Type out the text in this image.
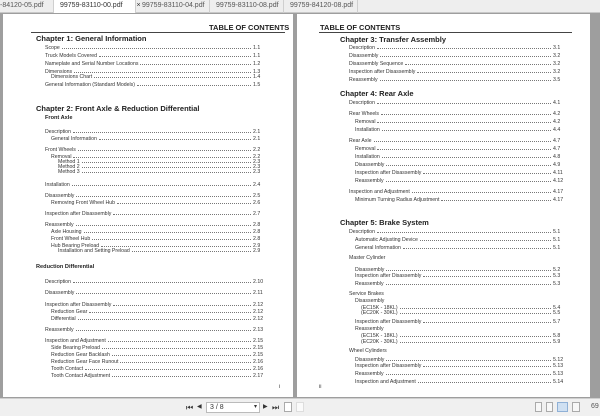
-84120-05.pdf	99759-83110-00.pdf × 99759-83110-04.pdf	99759-83110-08.pdf	99759-84120-08.pdf
TABLE OF CONTENTS
Chapter 1: General Information
Scope	1.1
Truck Models Covered	1.1
Nameplate and Serial Number Locations	1.2
Dimensions	1.3
Dimensions Chart	1.4
General Information (Standard Models)	1.5
Chapter 2: Front Axle & Reduction Differential
Front Axle
Description	2.1
General Information	2.1
Front Wheels	2.2
Removal	2.2
Method 1	2.3
Method 2	2.3
Method 3	2.3
Installation	2.4
Disassembly	2.5
Removing Front Wheel Hub	2.6
Inspection after Disassembly	2.7
Reassembly	2.8
Axle Housing	2.8
Front Wheel Hub	2.8
Hub Bearing Preload	2.9
Installation and Setting Preload	2.9
Reduction Differential
Description	2.10
Disassembly	2.11
Inspection after Disassembly	2.12
Reduction Gear	2.12
Differential	2.12
Reassembly	2.13
Inspection and Adjustment	2.15
Side Bearing Preload	2.15
Reduction Gear Backlash	2.15
Reduction Gear Face Runout	2.16
Tooth Contact	2.16
Tooth Contact Adjustment	2.17
i
TABLE OF CONTENTS
Chapter 3: Transfer Assembly
Description	3.1
Disassembly	3.2
Disassembly Sequence	3.2
Inspection after Disassembly	3.2
Reassembly	3.5
Chapter 4: Rear Axle
Description	4.1
Rear Wheels	4.2
Removal	4.2
Installation	4.4
Rear Axle	4.7
Removal	4.7
Installation	4.8
Disassembly	4.9
Inspection after Disassembly	4.11
Reassembly	4.12
Inspection and Adjustment	4.17
Minimum Turning Radius Adjustment	4.17
Chapter 5: Brake System
Description	5.1
Automatic Adjusting Device	5.1
General Information	5.1
Master Cylinder
Disassembly	5.2
Inspection after Disassembly	5.3
Reassembly	5.3
Service Brakes
Disassembly
(EC15K - 18KL)	5.4
(EC20K - 30KL)	5.5
Inspection after Disassembly	5.7
Reassembly
(EC15K - 18KL)	5.8
(EC20K - 30KL)	5.9
Wheel Cylinders
Disassembly	5.12
Inspection after Disassembly	5.13
Reassembly	5.13
Inspection and Adjustment	5.14
ii
⏮ ◀	3 / 8	▾ ▶ ⏭	69
